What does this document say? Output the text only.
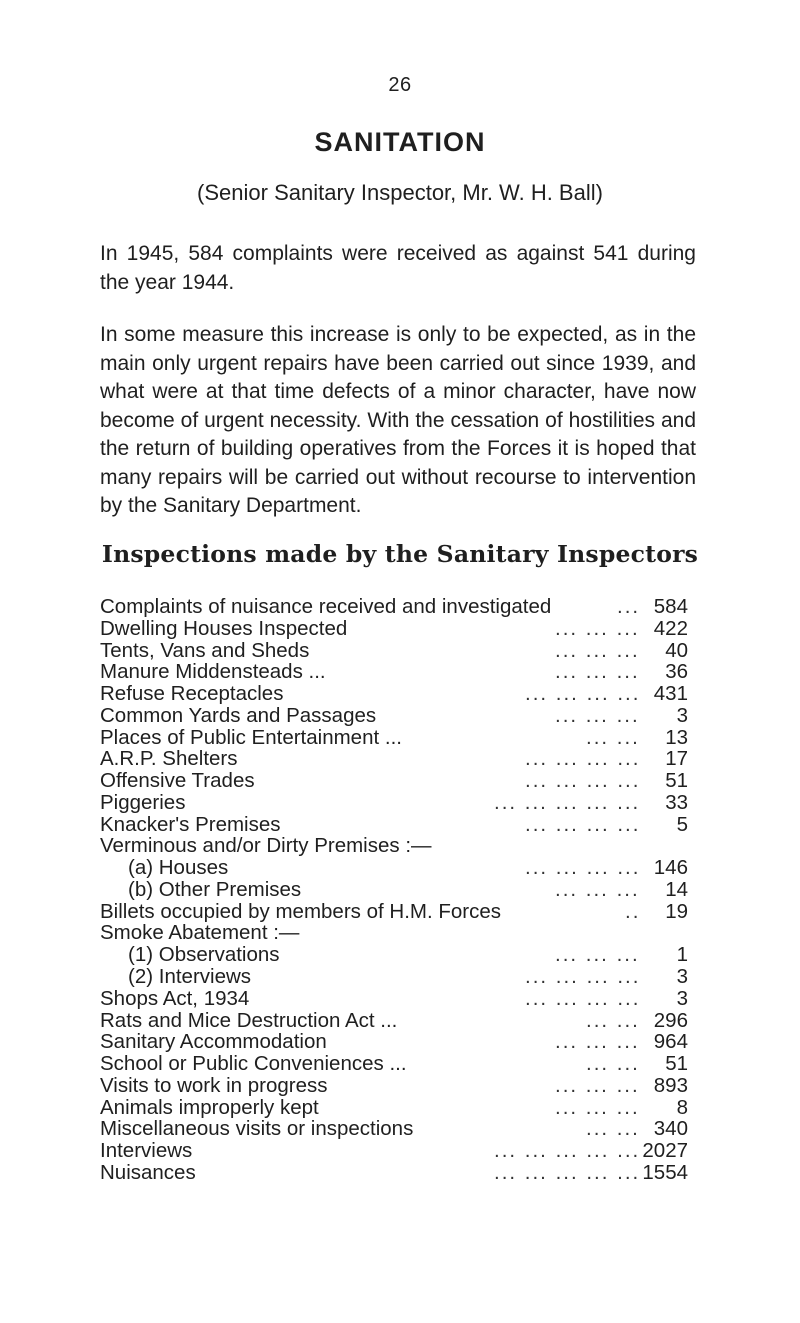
26
SANITATION
(Senior Sanitary Inspector, Mr. W. H. Ball)
In 1945, 584 complaints were received as against 541 during the year 1944.
In some measure this increase is only to be expected, as in the main only urgent repairs have been carried out since 1939, and what were at that time defects of a minor character, have now become of urgent necessity. With the cessation of hostilities and the return of building operatives from the Forces it is hoped that many repairs will be carried out without recourse to intervention by the Sanitary Department.
Inspections made by the Sanitary Inspectors
Complaints of nuisance received and investigated	... 584
Dwelling Houses Inspected	... ... ... 422
Tents, Vans and Sheds	... ... ... 40
Manure Middensteads ...	... ... ... 36
Refuse Receptacles	... ... ... ... 431
Common Yards and Passages	... ... ... 3
Places of Public Entertainment ...	... ... 13
A.R.P. Shelters	... ... ... ... 17
Offensive Trades	... ... ... ... 51
Piggeries	... ... ... ... ... 33
Knacker's Premises	... ... ... ... 5
Verminous and/or Dirty Premises :—
(a) Houses	... ... ... ... 146
(b) Other Premises	... ... ... 14
Billets occupied by members of H.M. Forces	.. 19
Smoke Abatement :—
(1) Observations	... ... ... 1
(2) Interviews	... ... ... ... 3
Shops Act, 1934	... ... ... ... 3
Rats and Mice Destruction Act ...	... ... 296
Sanitary Accommodation	... ... ... 964
School or Public Conveniences ...	... ... 51
Visits to work in progress	... ... ... 893
Animals improperly kept	... ... ... 8
Miscellaneous visits or inspections	... ... 340
Interviews	... ... ... ... ... 2027
Nuisances	... ... ... ... ... 1554
